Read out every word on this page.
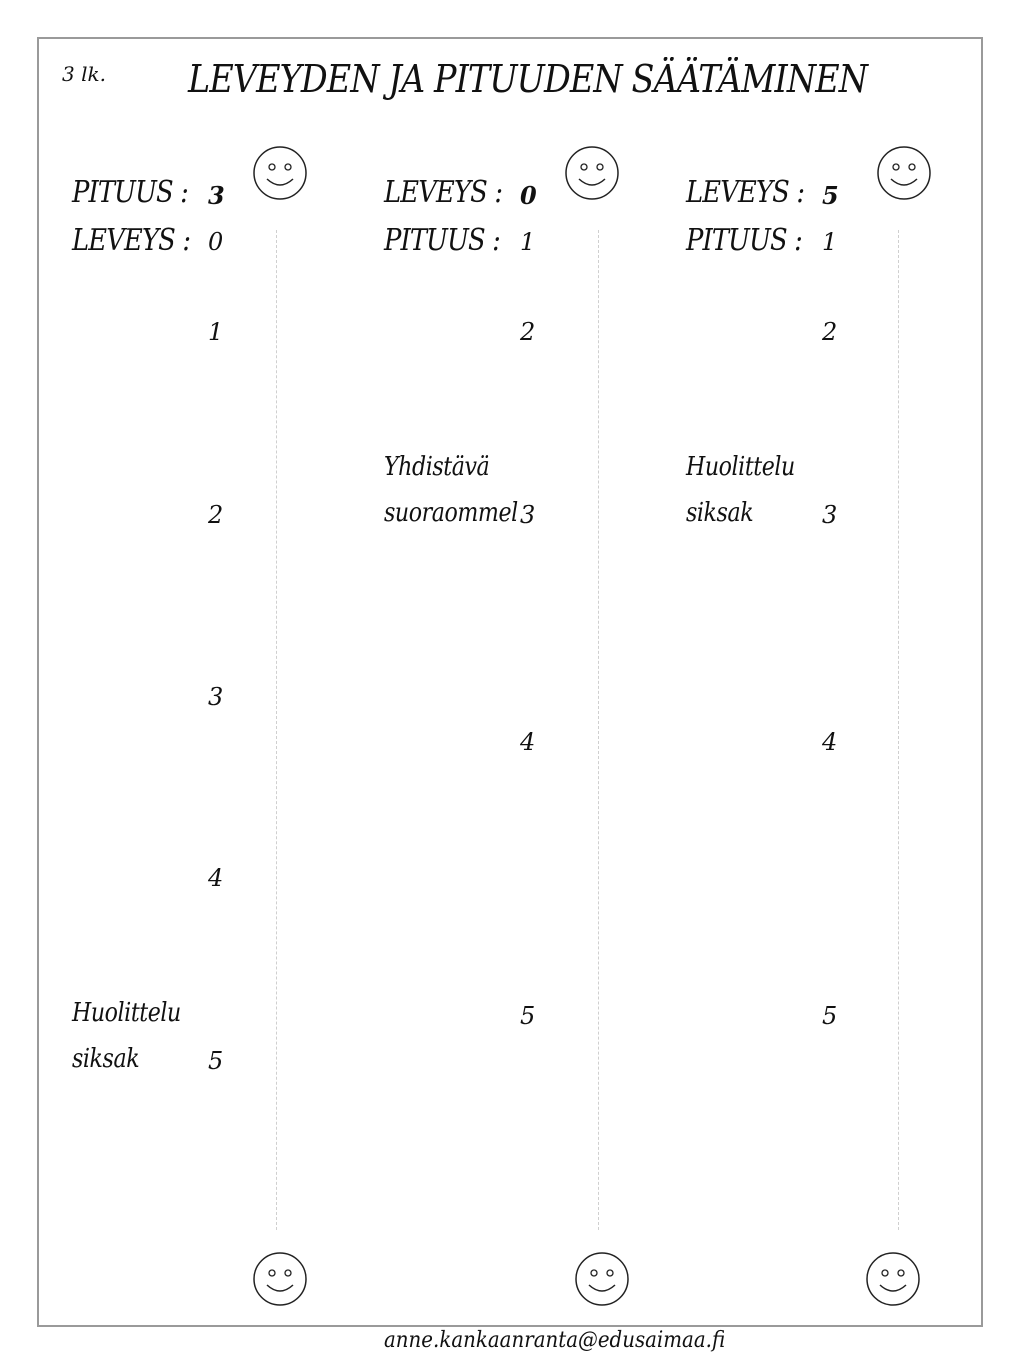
3 lk. LEVEYDEN JA PITUUDEN SÄÄTÄMINEN
PITUUS : 3
LEVEYS : 0
1
2
3
4
Huolittelu
siksak	5
LEVEYS : 0
PITUUS : 1
2
Yhdistävä
suoraommel 3
4
5
LEVEYS : 5
PITUUS : 1
2
Huolittelu
siksak	3
4
5
anne.kankaanranta@edusaimaa.fi
